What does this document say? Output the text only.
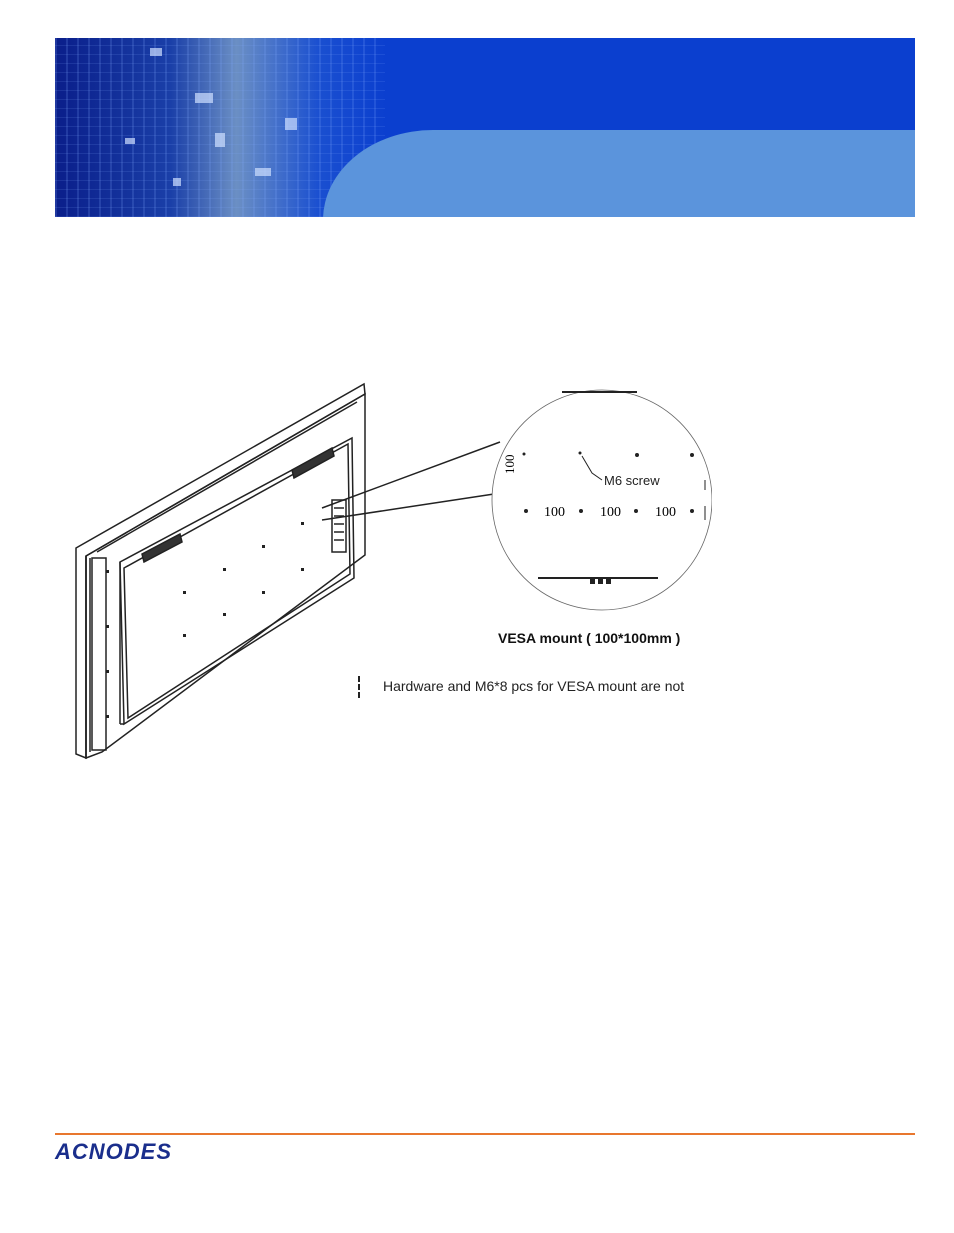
100
100	100 100
M6 screw
VESA mount ( 100*100mm )
Hardware and M6*8 pcs for VESA mount are not
ACNODES
